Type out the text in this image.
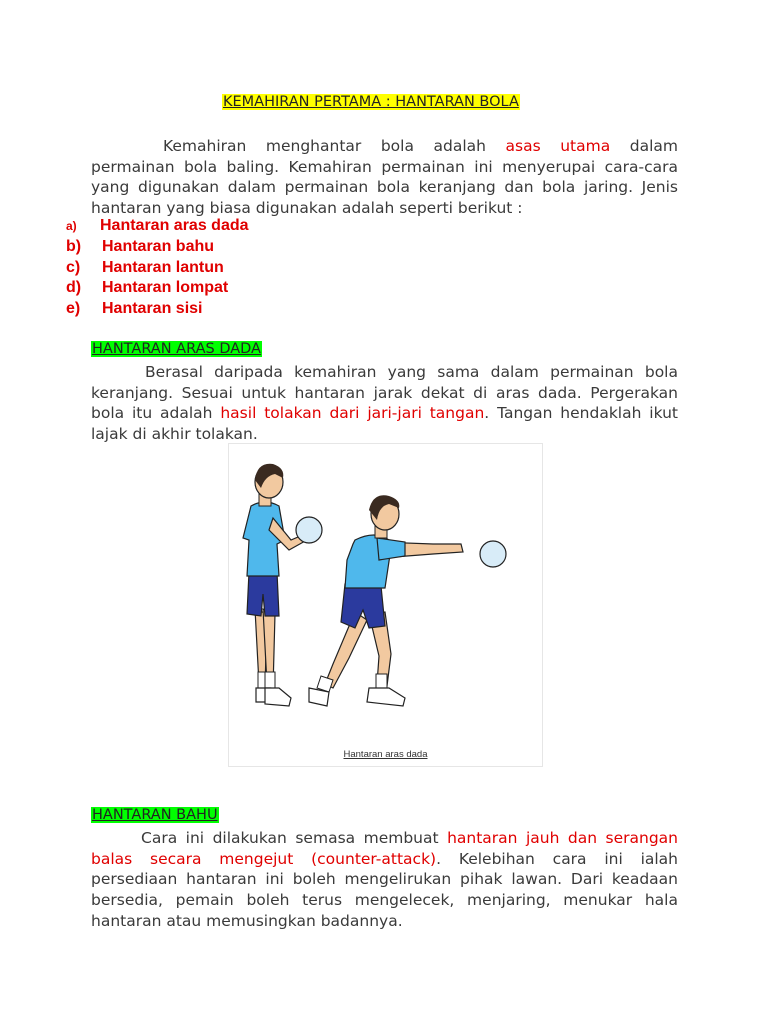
KEMAHIRAN PERTAMA : HANTARAN BOLA

Kemahiran menghantar bola adalah asas utama dalam permainan bola baling. Kemahiran permainan ini menyerupai cara-cara yang digunakan dalam permainan bola keranjang dan bola jaring. Jenis hantaran yang biasa digunakan adalah seperti berikut :

a) Hantaran aras dada
b) Hantaran bahu
c) Hantaran lantun
d) Hantaran lompat
e) Hantaran sisi
HANTARAN ARAS DADA

Berasal daripada kemahiran yang sama dalam permainan bola keranjang. Sesuai untuk hantaran jarak dekat di aras dada. Pergerakan bola itu adalah hasil tolakan dari jari-jari tangan. Tangan hendaklah ikut lajak di akhir tolakan.

Hantaran aras dada
HANTARAN BAHU

Cara ini dilakukan semasa membuat hantaran jauh dan serangan balas secara mengejut (counter-attack). Kelebihan cara ini ialah persediaan hantaran ini boleh mengelirukan pihak lawan. Dari keadaan bersedia, pemain boleh terus mengelecek, menjaring, menukar hala hantaran atau memusingkan badannya.
